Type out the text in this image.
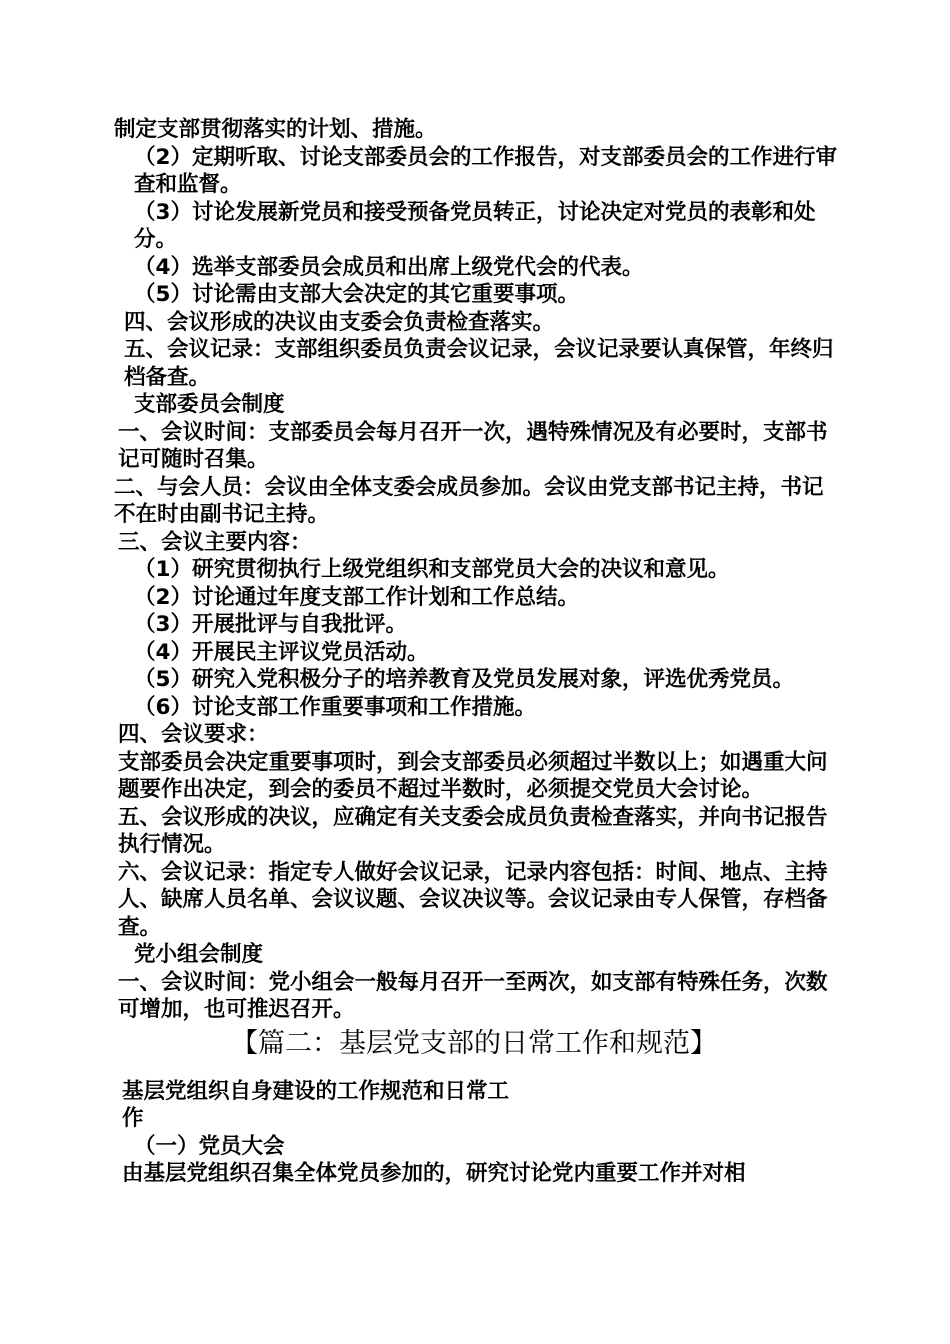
制定支部贯彻落实的计划、措施。
（2）定期听取、讨论支部委员会的工作报告，对支部委员会的工作进行审查和监督。
（3）讨论发展新党员和接受预备党员转正，讨论决定对党员的表彰和处分。
（4）选举支部委员会成员和出席上级党代会的代表。
（5）讨论需由支部大会决定的其它重要事项。
四、会议形成的决议由支委会负责检查落实。
五、会议记录：支部组织委员负责会议记录，会议记录要认真保管，年终归档备查。
支部委员会制度
一、会议时间：支部委员会每月召开一次，遇特殊情况及有必要时，支部书记可随时召集。
二、与会人员：会议由全体支委会成员参加。会议由党支部书记主持，书记不在时由副书记主持。
三、会议主要内容：
（1）研究贯彻执行上级党组织和支部党员大会的决议和意见。
（2）讨论通过年度支部工作计划和工作总结。
（3）开展批评与自我批评。
（4）开展民主评议党员活动。
（5）研究入党积极分子的培养教育及党员发展对象，评选优秀党员。
（6）讨论支部工作重要事项和工作措施。
四、会议要求：
支部委员会决定重要事项时，到会支部委员必须超过半数以上；如遇重大问题要作出决定，到会的委员不超过半数时，必须提交党员大会讨论。
五、会议形成的决议，应确定有关支委会成员负责检查落实，并向书记报告执行情况。
六、会议记录：指定专人做好会议记录，记录内容包括：时间、地点、主持人、缺席人员名单、会议议题、会议决议等。会议记录由专人保管，存档备查。
党小组会制度
一、会议时间：党小组会一般每月召开一至两次，如支部有特殊任务，次数可增加，也可推迟召开。
【篇二：基层党支部的日常工作和规范】
基层党组织自身建设的工作规范和日常工
作
（一）党员大会
由基层党组织召集全体党员参加的，研究讨论党内重要工作并对相
